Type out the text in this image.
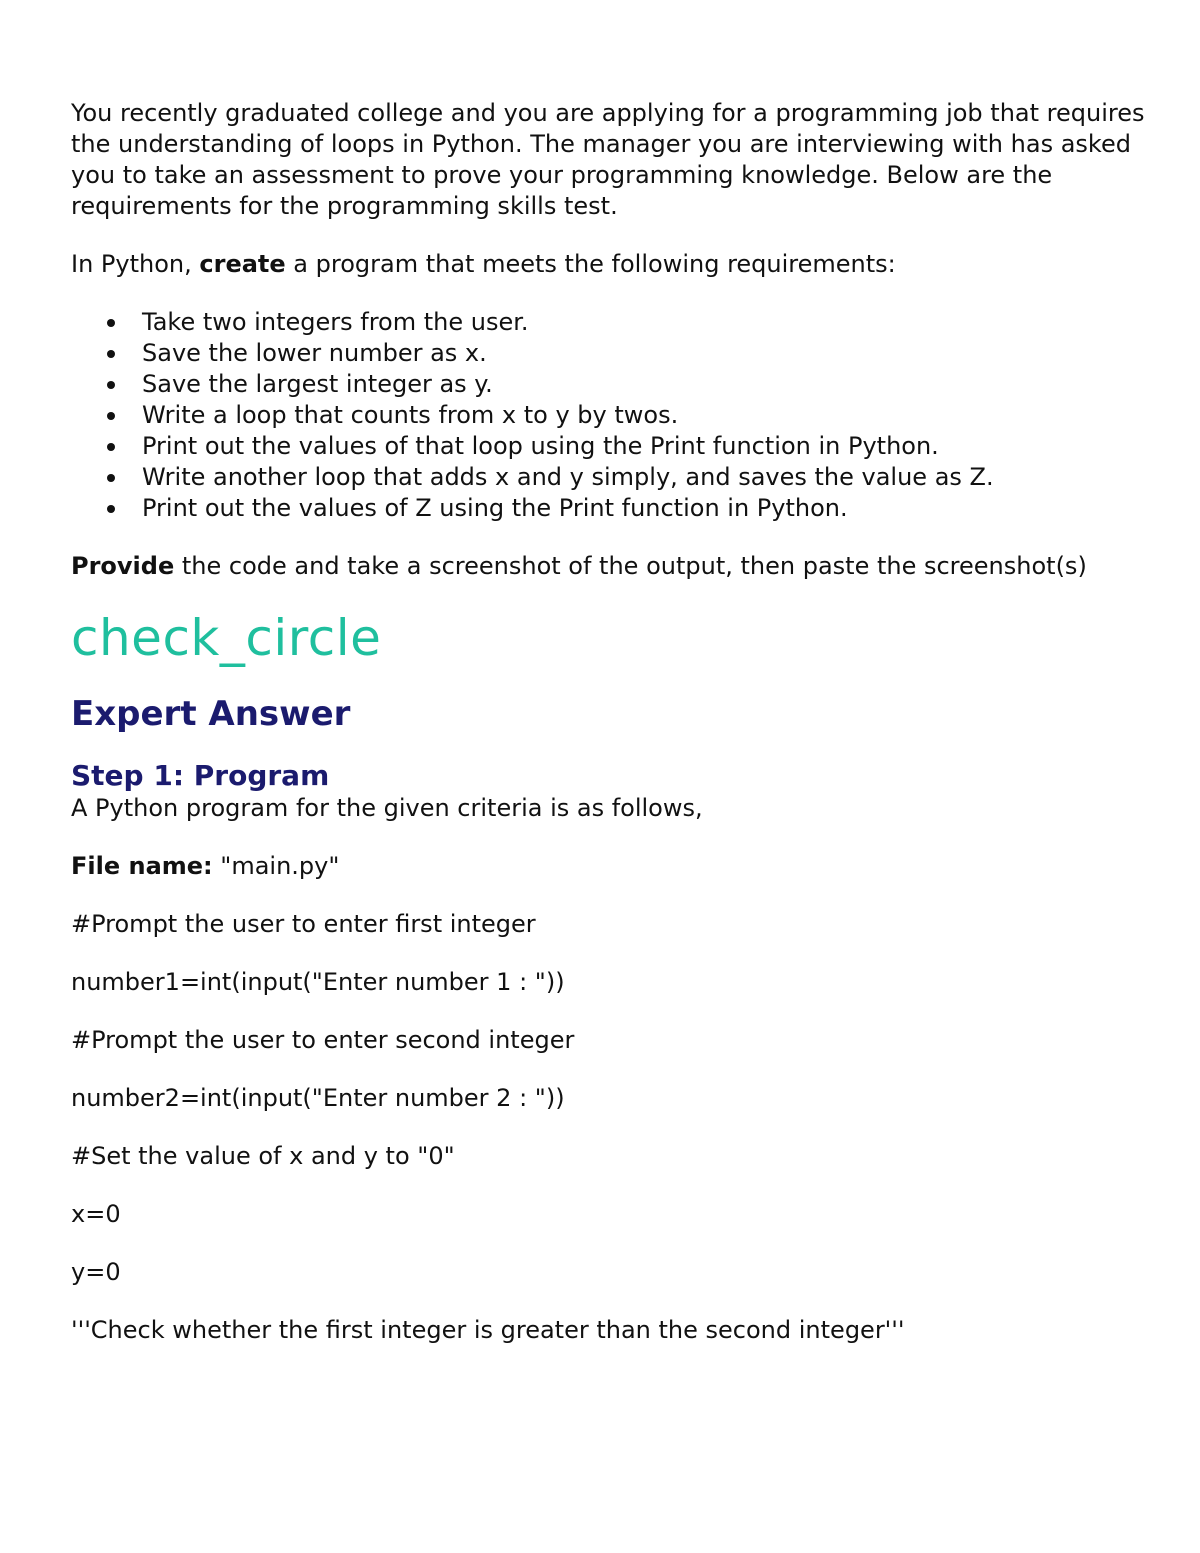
You recently graduated college and you are applying for a programming job that requires the understanding of loops in Python. The manager you are interviewing with has asked you to take an assessment to prove your programming knowledge. Below are the requirements for the programming skills test.

In Python, create a program that meets the following requirements:

Take two integers from the user.
Save the lower number as x.
Save the largest integer as y.
Write a loop that counts from x to y by twos.
Print out the values of that loop using the Print function in Python.
Write another loop that adds x and y simply, and saves the value as Z.
Print out the values of Z using the Print function in Python.

Provide the code and take a screenshot of the output, then paste the screenshot(s)

check_circle
Expert Answer
Step 1: Program

A Python program for the given criteria is as follows,

File name: "main.py"

#Prompt the user to enter first integer

number1=int(input("Enter number 1 : "))

#Prompt the user to enter second integer

number2=int(input("Enter number 2 : "))

#Set the value of x and y to "0"

x=0

y=0

'''Check whether the first integer is greater than the second integer'''
